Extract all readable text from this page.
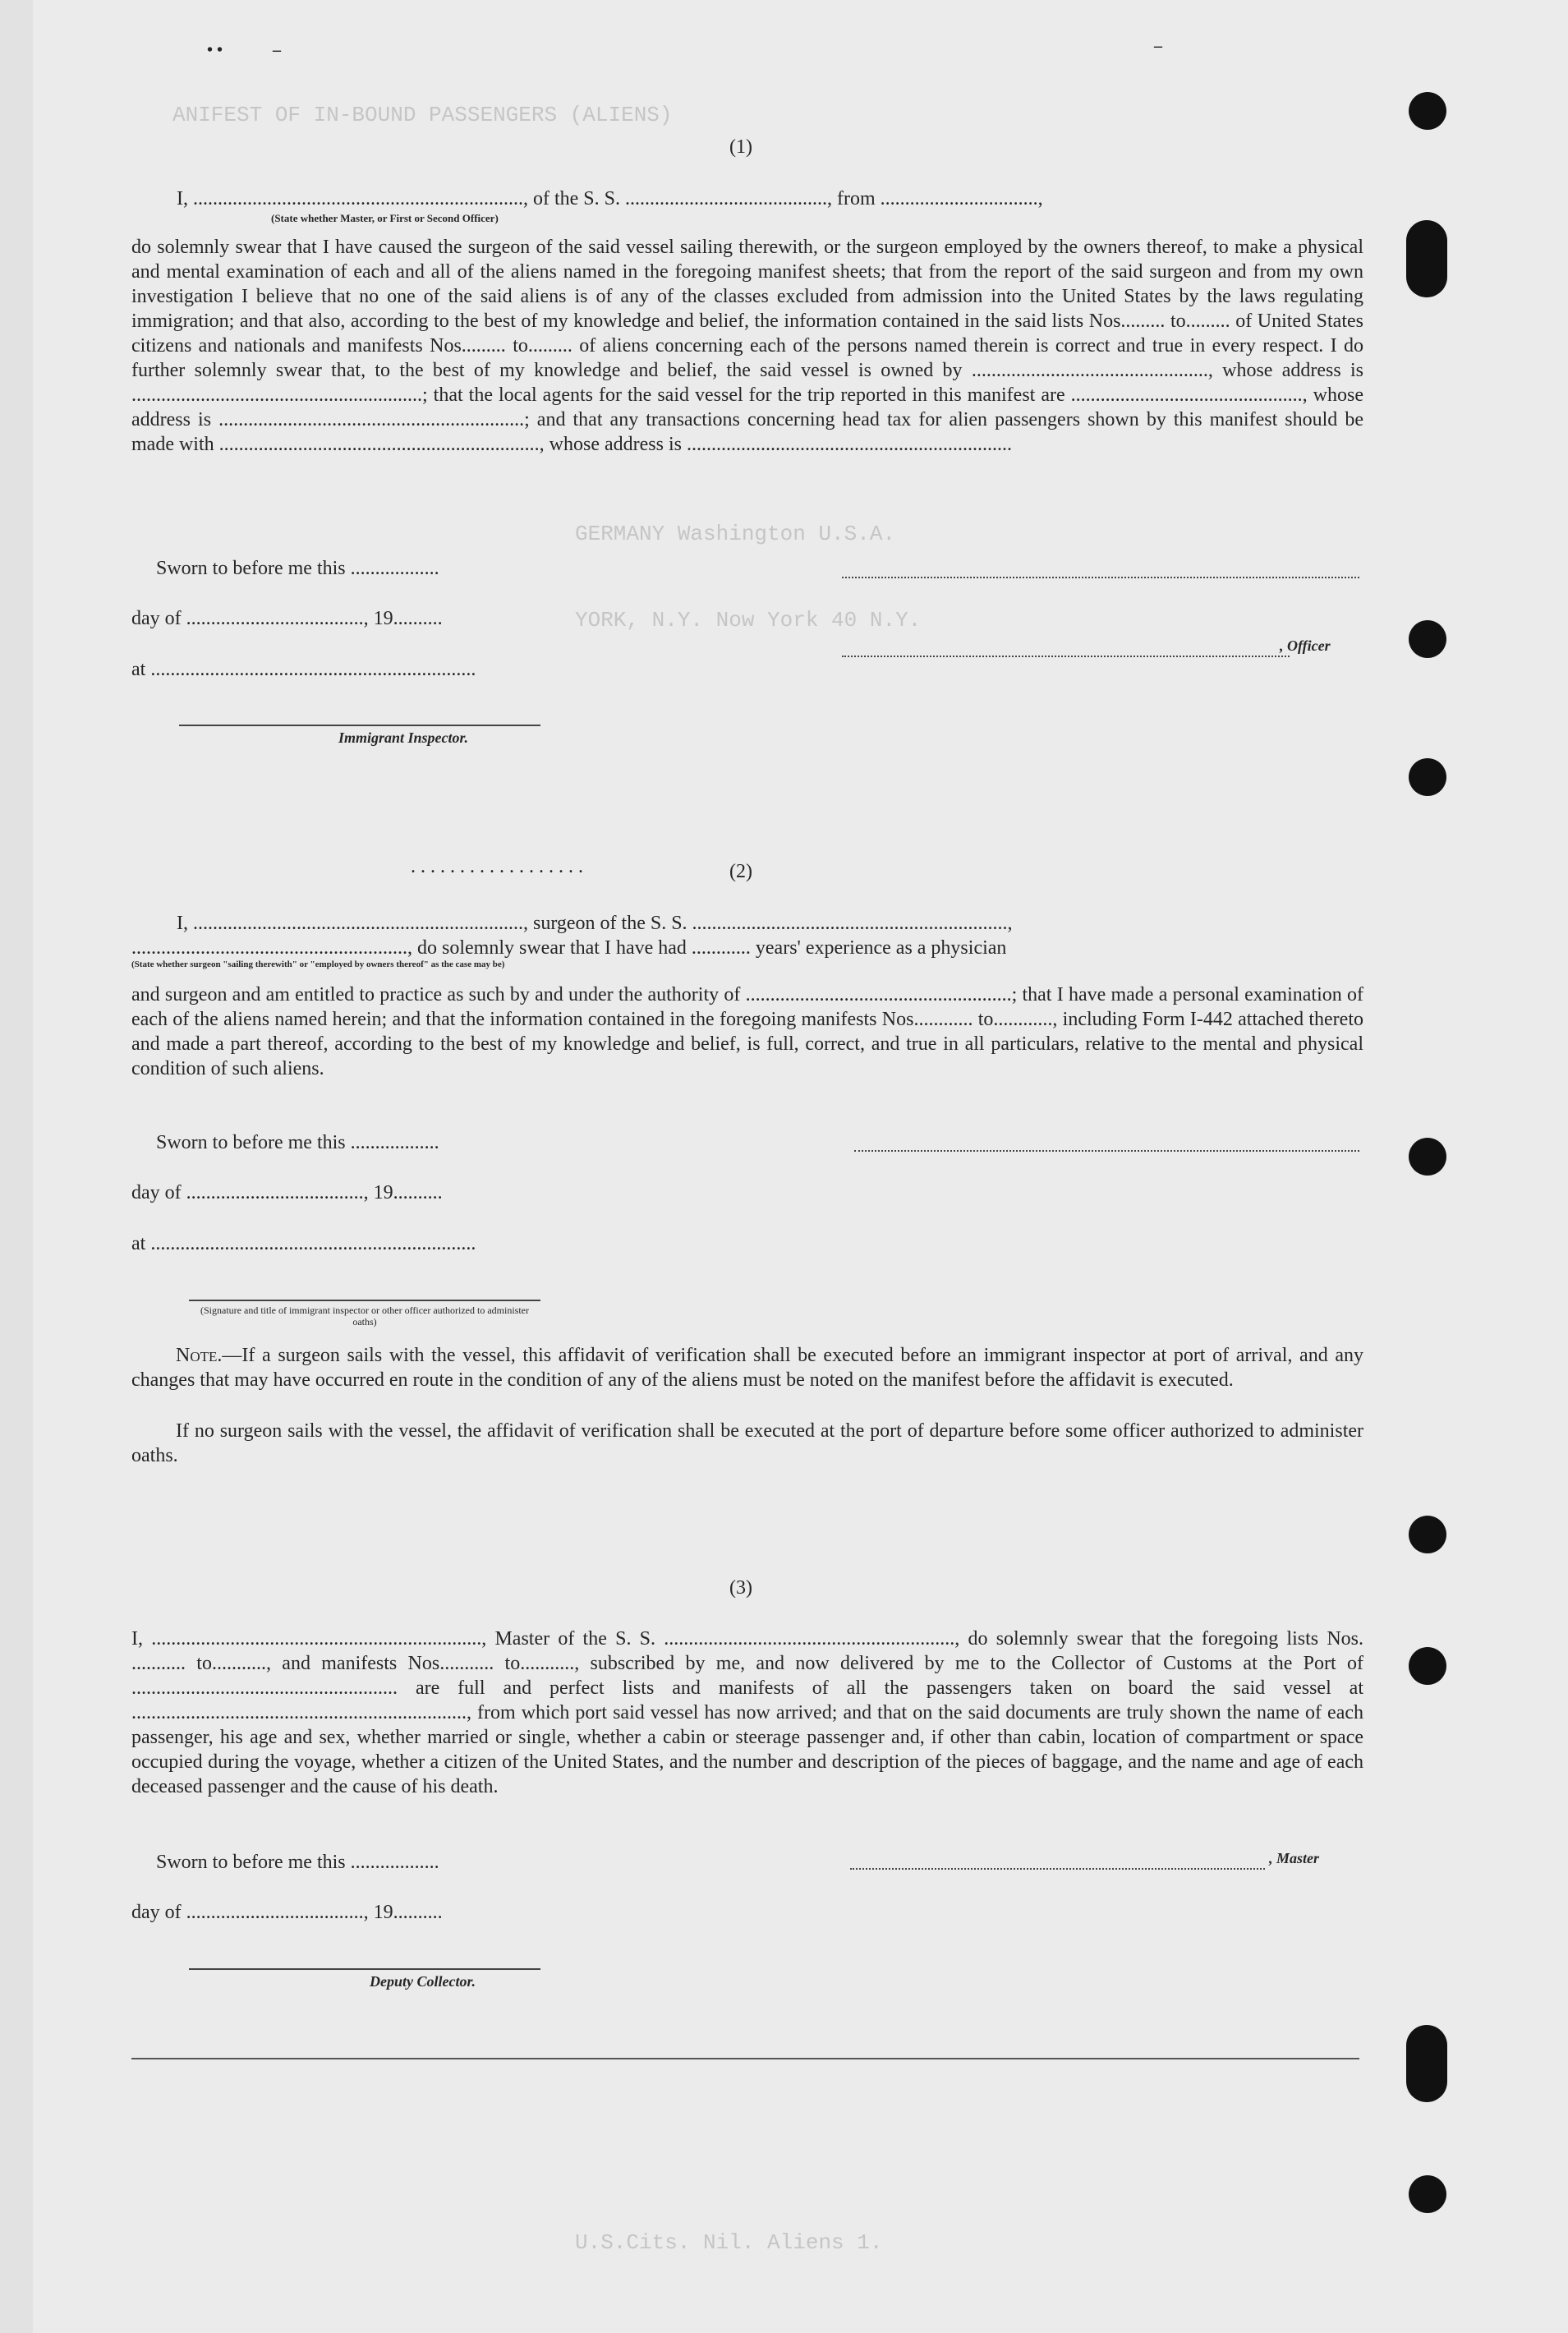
ANIFEST OF IN-BOUND PASSENGERS (ALIENS)
GERMANY Washington U.S.A.
YORK, N.Y. Now York 40 N.Y.
U.S.Cits. Nil. Aliens 1.
• •	–	–
(1)
I, ..................................................................., of the S. S. ........................................., from ................................,
(State whether Master, or First or Second Officer)
do solemnly swear that I have caused the surgeon of the said vessel sailing therewith, or the surgeon employed by the owners thereof, to make a physical and mental examination of each and all of the aliens named in the foregoing manifest sheets; that from the report of the said surgeon and from my own investigation I believe that no one of the said aliens is of any of the classes excluded from admission into the United States by the laws regulating immigration; and that also, according to the best of my knowledge and belief, the information contained in the said lists Nos......... to......... of United States citizens and nationals and manifests Nos......... to......... of aliens concerning each of the persons named therein is correct and true in every respect. I do further solemnly swear that, to the best of my knowledge and belief, the said vessel is owned by ................................................, whose address is ...........................................................; that the local agents for the said vessel for the trip reported in this manifest are ..............................................., whose address is ..............................................................; and that any transactions concerning head tax for alien passengers shown by this manifest should be made with ................................................................., whose address is ..................................................................
Sworn to before me this ..................
day of ...................................., 19..........
at ..................................................................
Immigrant Inspector.
, Officer
..................	(2)
I, ..................................................................., surgeon of the S. S. ................................................................,
........................................................, do solemnly swear that I have had ............ years' experience as a physician
(State whether surgeon "sailing therewith" or "employed by owners thereof" as the case may be)
and surgeon and am entitled to practice as such by and under the authority of ......................................................; that I have made a personal examination of each of the aliens named herein; and that the information contained in the foregoing manifests Nos............ to............, including Form I-442 attached thereto and made a part thereof, according to the best of my knowledge and belief, is full, correct, and true in all particulars, relative to the mental and physical condition of such aliens.
Sworn to before me this ..................
day of ...................................., 19..........
at ..................................................................
(Signature and title of immigrant inspector or other officer authorized to administer oaths)
Note.—If a surgeon sails with the vessel, this affidavit of verification shall be executed before an immigrant inspector at port of arrival, and any changes that may have occurred en route in the condition of any of the aliens must be noted on the manifest before the affidavit is executed.
If no surgeon sails with the vessel, the affidavit of verification shall be executed at the port of departure before some officer authorized to administer oaths.
(3)
I, ..................................................................., Master of the S. S. ..........................................................., do solemnly swear that the foregoing lists Nos. ........... to..........., and manifests Nos........... to..........., subscribed by me, and now delivered by me to the Collector of Customs at the Port of ...................................................... are full and perfect lists and manifests of all the passengers taken on board the said vessel at ...................................................................., from which port said vessel has now arrived; and that on the said documents are truly shown the name of each passenger, his age and sex, whether married or single, whether a cabin or steerage passenger and, if other than cabin, location of compartment or space occupied during the voyage, whether a citizen of the United States, and the number and description of the pieces of baggage, and the name and age of each deceased passenger and the cause of his death.
Sworn to before me this ..................
day of ...................................., 19..........
Deputy Collector.
, Master
